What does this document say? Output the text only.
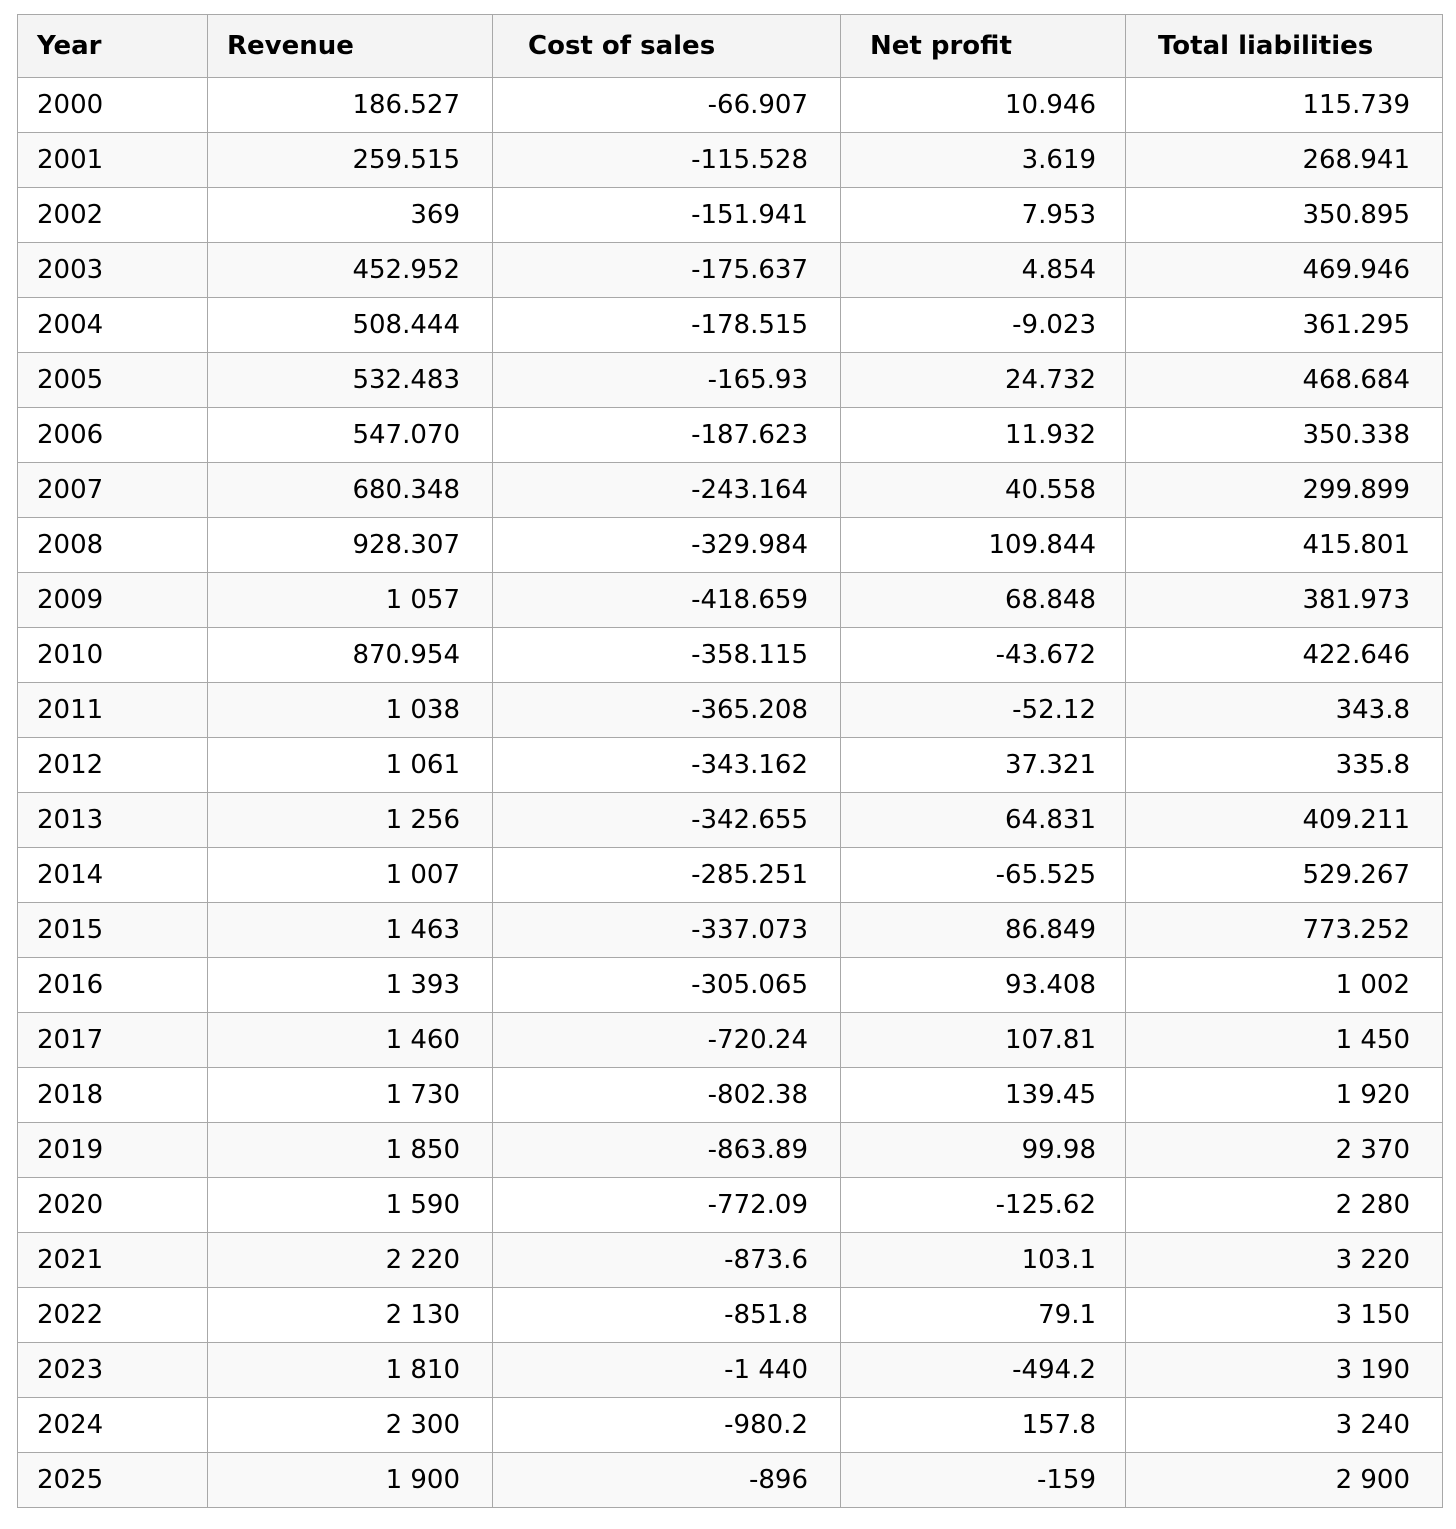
Year	Revenue	Cost of sales	Net profit	Total liabilities
2000	186.527	-66.907	10.946	115.739
2001	259.515	-115.528	3.619	268.941
2002	369	-151.941	7.953	350.895
2003	452.952	-175.637	4.854	469.946
2004	508.444	-178.515	-9.023	361.295
2005	532.483	-165.93	24.732	468.684
2006	547.070	-187.623	11.932	350.338
2007	680.348	-243.164	40.558	299.899
2008	928.307	-329.984	109.844	415.801
2009	1 057	-418.659	68.848	381.973
2010	870.954	-358.115	-43.672	422.646
2011	1 038	-365.208	-52.12	343.8
2012	1 061	-343.162	37.321	335.8
2013	1 256	-342.655	64.831	409.211
2014	1 007	-285.251	-65.525	529.267
2015	1 463	-337.073	86.849	773.252
2016	1 393	-305.065	93.408	1 002
2017	1 460	-720.24	107.81	1 450
2018	1 730	-802.38	139.45	1 920
2019	1 850	-863.89	99.98	2 370
2020	1 590	-772.09	-125.62	2 280
2021	2 220	-873.6	103.1	3 220
2022	2 130	-851.8	79.1	3 150
2023	1 810	-1 440	-494.2	3 190
2024	2 300	-980.2	157.8	3 240
2025	1 900	-896	-159	2 900
